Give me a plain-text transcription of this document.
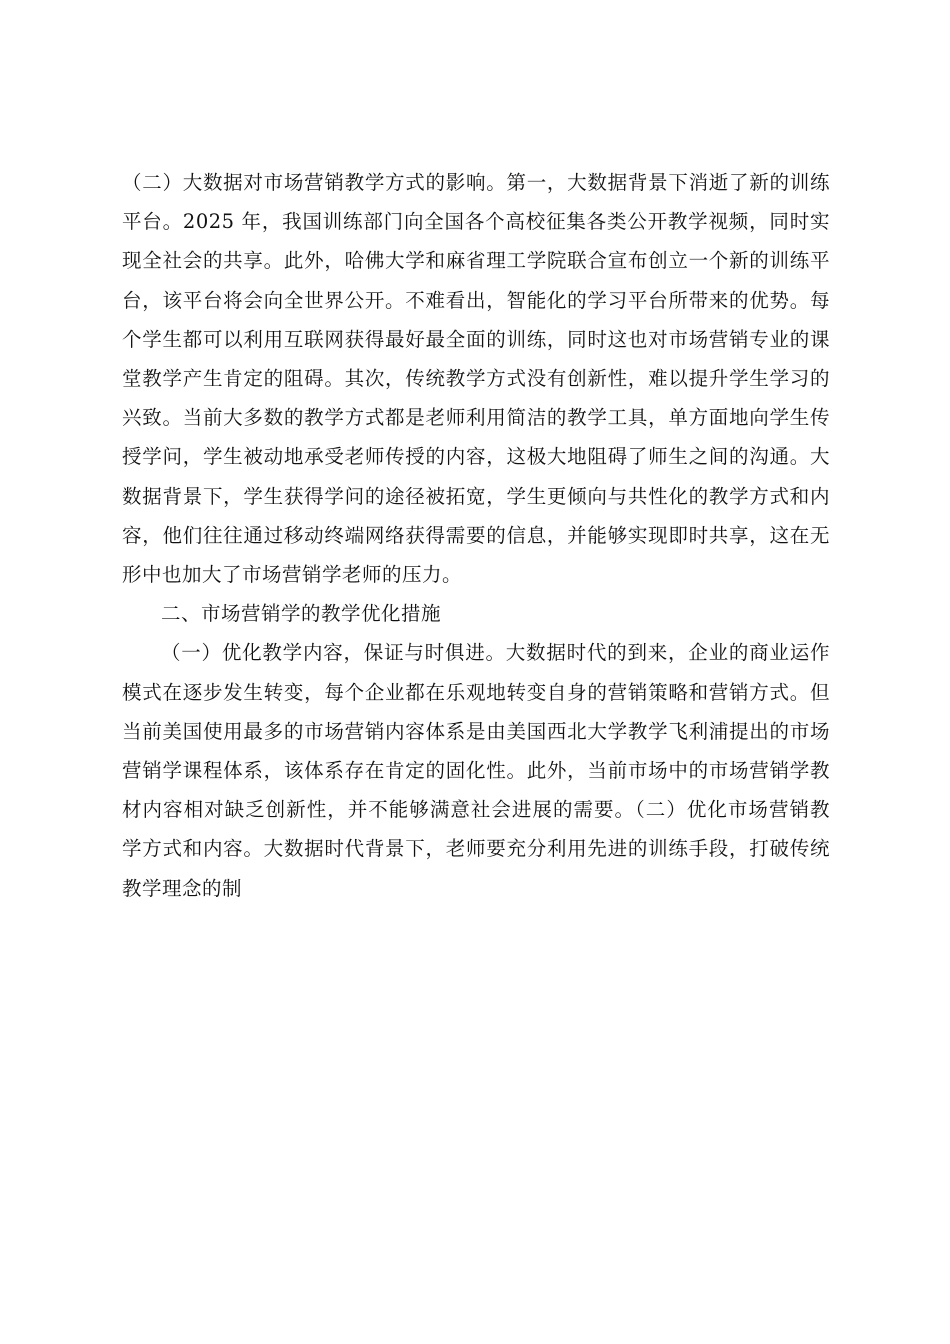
（二）大数据对市场营销教学方式的影响。第一，大数据背景下消逝了新的训练平台。2025 年，我国训练部门向全国各个高校征集各类公开教学视频，同时实现全社会的共享。此外，哈佛大学和麻省理工学院联合宣布创立一个新的训练平台，该平台将会向全世界公开。不难看出，智能化的学习平台所带来的优势。每个学生都可以利用互联网获得最好最全面的训练，同时这也对市场营销专业的课堂教学产生肯定的阻碍。其次，传统教学方式没有创新性，难以提升学生学习的兴致。当前大多数的教学方式都是老师利用简洁的教学工具，单方面地向学生传授学问，学生被动地承受老师传授的内容，这极大地阻碍了师生之间的沟通。大数据背景下，学生获得学问的途径被拓宽，学生更倾向与共性化的教学方式和内容，他们往往通过移动终端网络获得需要的信息，并能够实现即时共享，这在无形中也加大了市场营销学老师的压力。

二、市场营销学的教学优化措施

（一）优化教学内容，保证与时俱进。大数据时代的到来，企业的商业运作模式在逐步发生转变，每个企业都在乐观地转变自身的营销策略和营销方式。但当前美国使用最多的市场营销内容体系是由美国西北大学教学飞利浦提出的市场营销学课程体系，该体系存在肯定的固化性。此外，当前市场中的市场营销学教材内容相对缺乏创新性，并不能够满意社会进展的需要。（二）优化市场营销教学方式和内容。大数据时代背景下，老师要充分利用先进的训练手段，打破传统教学理念的制
